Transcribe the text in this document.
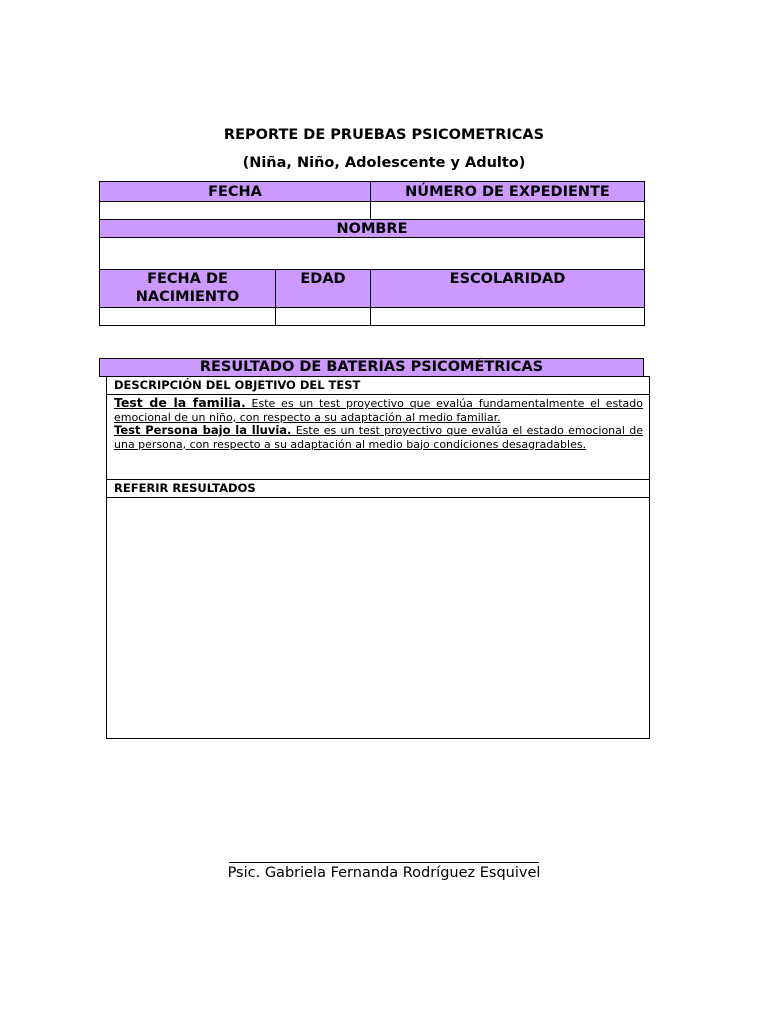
REPORTE DE PRUEBAS PSICOMETRICAS
(Niña, Niño, Adolescente y Adulto)
FECHA		NÚMERO DE EXPEDIENTE

NOMBRE		

FECHA DE
NACIMIENTO	EDAD	ESCOLARIDAD

RESULTADO DE BATERÍAS PSICOMÉTRICAS
DESCRIPCIÓN DEL OBJETIVO DEL TEST

Test de la familia. Este es un test proyectivo que evalúa fundamentalmente el estado emocional de un niño, con respecto a su adaptación al medio familiar.

Test Persona bajo la lluvia. Este es un test proyectivo que evalúa el estado emocional de una persona, con respecto a su adaptación al medio bajo condiciones desagradables.

REFERIR RESULTADOS
Psic. Gabriela Fernanda Rodríguez Esquivel
